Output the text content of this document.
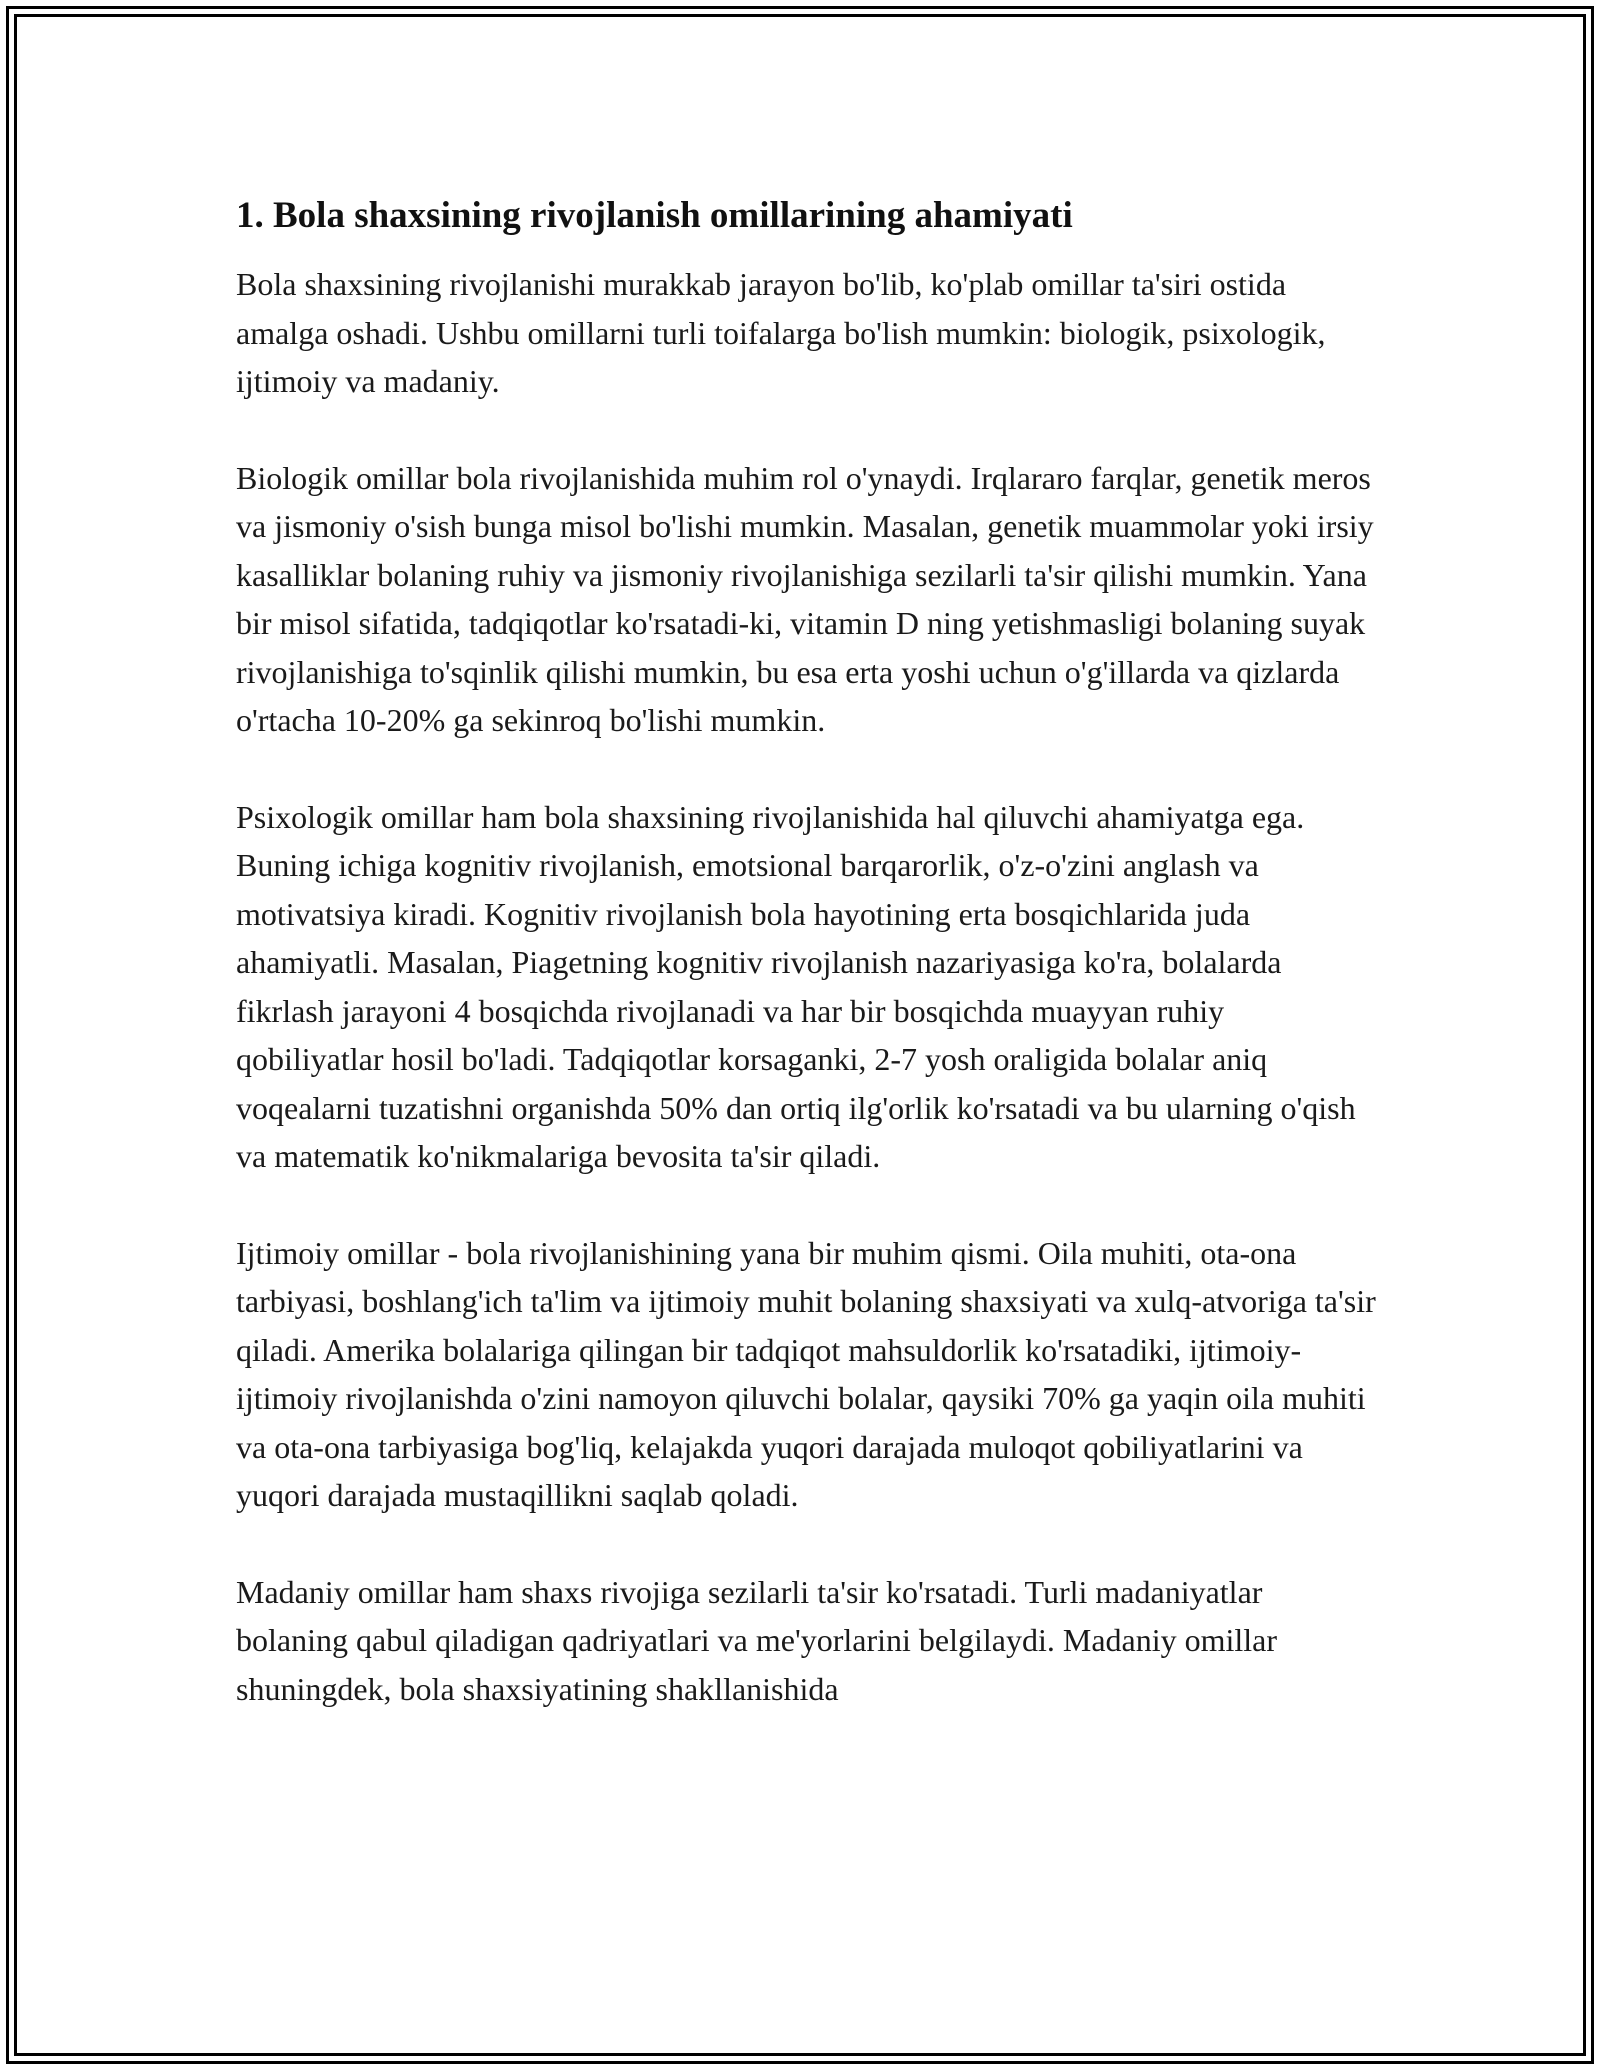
1. Bola shaxsining rivojlanish omillarining ahamiyati

Bola shaxsining rivojlanishi murakkab jarayon bo'lib, ko'plab omillar ta'siri ostida amalga oshadi. Ushbu omillarni turli toifalarga bo'lish mumkin: biologik, psixologik, ijtimoiy va madaniy.

Biologik omillar bola rivojlanishida muhim rol o'ynaydi. Irqlararo farqlar, genetik meros va jismoniy o'sish bunga misol bo'lishi mumkin. Masalan, genetik muammolar yoki irsiy kasalliklar bolaning ruhiy va jismoniy rivojlanishiga sezilarli ta'sir qilishi mumkin. Yana bir misol sifatida, tadqiqotlar ko'rsatadi-ki, vitamin D ning yetishmasligi bolaning suyak rivojlanishiga to'sqinlik qilishi mumkin, bu esa erta yoshi uchun o'g'illarda va qizlarda o'rtacha 10-20% ga sekinroq bo'lishi mumkin.

Psixologik omillar ham bola shaxsining rivojlanishida hal qiluvchi ahamiyatga ega. Buning ichiga kognitiv rivojlanish, emotsional barqarorlik, o'z-o'zini anglash va motivatsiya kiradi. Kognitiv rivojlanish bola hayotining erta bosqichlarida juda ahamiyatli. Masalan, Piagetning kognitiv rivojlanish nazariyasiga ko'ra, bolalarda fikrlash jarayoni 4 bosqichda rivojlanadi va har bir bosqichda muayyan ruhiy qobiliyatlar hosil bo'ladi. Tadqiqotlar korsaganki, 2-7 yosh oraligida bolalar aniq voqealarni tuzatishni organishda 50% dan ortiq ilg'orlik ko'rsatadi va bu ularning o'qish va matematik ko'nikmalariga bevosita ta'sir qiladi.

Ijtimoiy omillar - bola rivojlanishining yana bir muhim qismi. Oila muhiti, ota-ona tarbiyasi, boshlang'ich ta'lim va ijtimoiy muhit bolaning shaxsiyati va xulq-atvoriga ta'sir qiladi. Amerika bolalariga qilingan bir tadqiqot mahsuldorlik ko'rsatadiki, ijtimoiy-ijtimoiy rivojlanishda o'zini namoyon qiluvchi bolalar, qaysiki 70% ga yaqin oila muhiti va ota-ona tarbiyasiga bog'liq, kelajakda yuqori darajada muloqot qobiliyatlarini va yuqori darajada mustaqillikni saqlab qoladi.

Madaniy omillar ham shaxs rivojiga sezilarli ta'sir ko'rsatadi. Turli madaniyatlar bolaning qabul qiladigan qadriyatlari va me'yorlarini belgilaydi. Madaniy omillar shuningdek, bola shaxsiyatining shakllanishida
